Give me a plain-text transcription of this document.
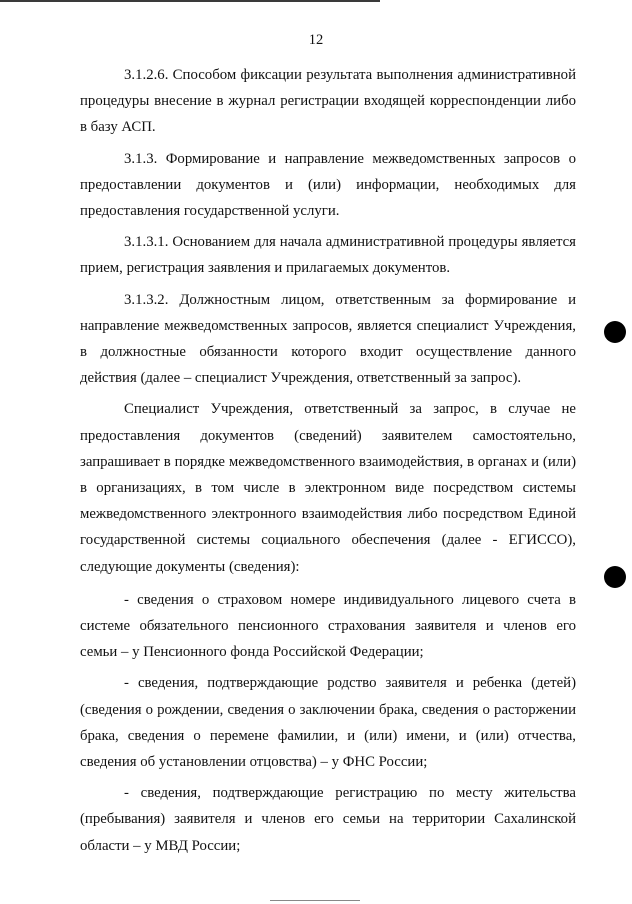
12

3.1.2.6. Способом фиксации результата выполнения административной процедуры внесение в журнал регистрации входящей корреспонденции либо в базу АСП.

3.1.3. Формирование и направление межведомственных запросов о предоставлении документов и (или) информации, необходимых для предоставления государственной услуги.

3.1.3.1. Основанием для начала административной процедуры является прием, регистрация заявления и прилагаемых документов.

3.1.3.2. Должностным лицом, ответственным за формирование и направление межведомственных запросов, является специалист Учреждения, в должностные обязанности которого входит осуществление данного действия (далее – специалист Учреждения, ответственный за запрос).

Специалист Учреждения, ответственный за запрос, в случае не предоставления документов (сведений) заявителем самостоятельно, запрашивает в порядке межведомственного взаимодействия, в органах и (или) в организациях, в том числе в электронном виде посредством системы межведомственного электронного взаимодействия либо посредством Единой государственной системы социального обеспечения (далее - ЕГИССО), следующие документы (сведения):

- сведения о страховом номере индивидуального лицевого счета в системе обязательного пенсионного страхования заявителя и членов его семьи – у Пенсионного фонда Российской Федерации;

- сведения, подтверждающие родство заявителя и ребенка (детей) (сведения о рождении, сведения о заключении брака, сведения о расторжении брака, сведения о перемене фамилии, и (или) имени, и (или) отчества, сведения об установлении отцовства) – у ФНС России;

- сведения, подтверждающие регистрацию по месту жительства (пребывания) заявителя и членов его семьи на территории Сахалинской области – у МВД России;
